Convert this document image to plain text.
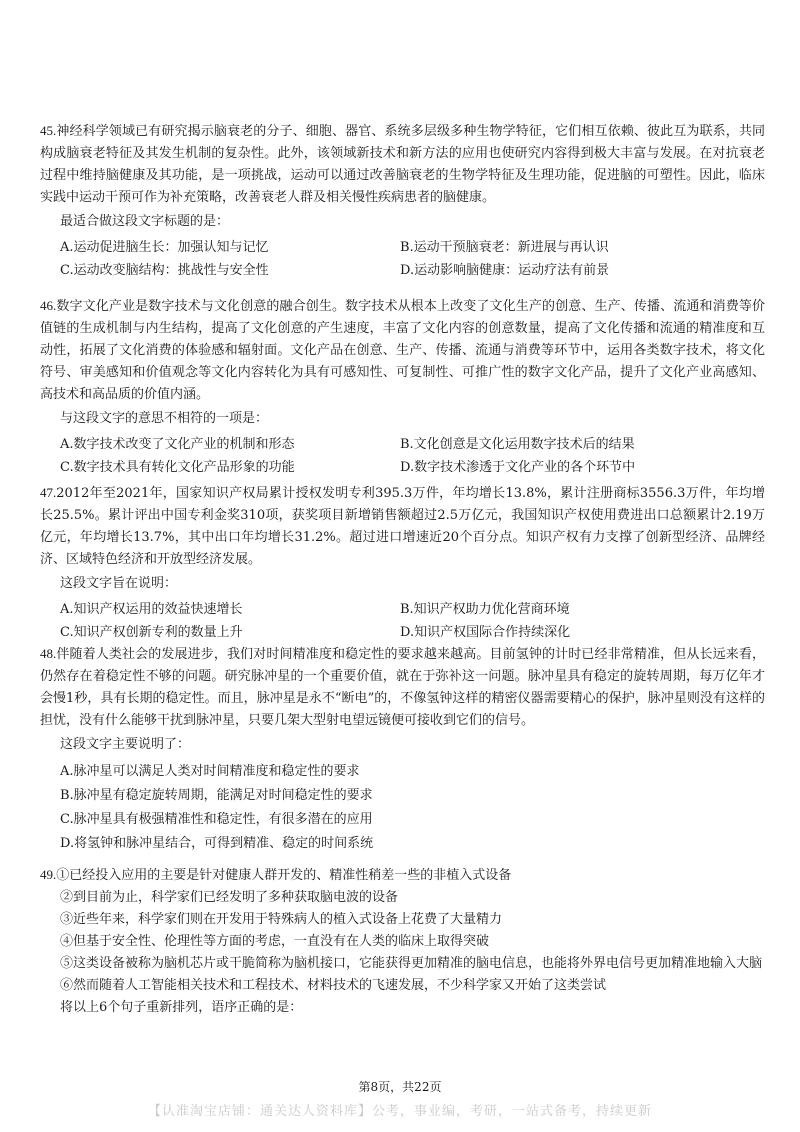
45.神经科学领域已有研究揭示脑衰老的分子、细胞、器官、系统多层级多种生物学特征，它们相互依赖、彼此互为联系，共同构成脑衰老特征及其发生机制的复杂性。此外，该领域新技术和新方法的应用也使研究内容得到极大丰富与发展。在对抗衰老过程中维持脑健康及其功能，是一项挑战，运动可以通过改善脑衰老的生物学特征及生理功能，促进脑的可塑性。因此，临床实践中运动干预可作为补充策略，改善衰老人群及相关慢性疾病患者的脑健康。

最适合做这段文字标题的是：
A.运动促进脑生长：加强认知与记忆	B.运动干预脑衰老：新进展与再认识
C.运动改变脑结构：挑战性与安全性	D.运动影响脑健康：运动疗法有前景

46.数字文化产业是数字技术与文化创意的融合创生。数字技术从根本上改变了文化生产的创意、生产、传播、流通和消费等价值链的生成机制与内生结构，提高了文化创意的产生速度，丰富了文化内容的创意数量，提高了文化传播和流通的精准度和互动性，拓展了文化消费的体验感和辐射面。文化产品在创意、生产、传播、流通与消费等环节中，运用各类数字技术，将文化符号、审美感知和价值观念等文化内容转化为具有可感知性、可复制性、可推广性的数字文化产品，提升了文化产业高感知、高技术和高品质的价值内涵。

与这段文字的意思不相符的一项是：
A.数字技术改变了文化产业的机制和形态	B.文化创意是文化运用数字技术后的结果
C.数字技术具有转化文化产品形象的功能	D.数字技术渗透于文化产业的各个环节中

47.2012年至2021年，国家知识产权局累计授权发明专利395.3万件，年均增长13.8%，累计注册商标3556.3万件，年均增长25.5%。累计评出中国专利金奖310项，获奖项目新增销售额超过2.5万亿元，我国知识产权使用费进出口总额累计2.19万亿元，年均增长13.7%，其中出口年均增长31.2%。超过进口增速近20个百分点。知识产权有力支撑了创新型经济、品牌经济、区域特色经济和开放型经济发展。

这段文字旨在说明：
A.知识产权运用的效益快速增长	B.知识产权助力优化营商环境
C.知识产权创新专利的数量上升	D.知识产权国际合作持续深化

48.伴随着人类社会的发展进步，我们对时间精准度和稳定性的要求越来越高。目前氢钟的计时已经非常精准，但从长远来看，仍然存在着稳定性不够的问题。研究脉冲星的一个重要价值，就在于弥补这一问题。脉冲星具有稳定的旋转周期，每万亿年才会慢1秒，具有长期的稳定性。而且，脉冲星是永不“断电”的，不像氢钟这样的精密仪器需要精心的保护，脉冲星则没有这样的担忧，没有什么能够干扰到脉冲星，只要几架大型射电望远镜便可接收到它们的信号。

这段文字主要说明了：
A.脉冲星可以满足人类对时间精准度和稳定性的要求
B.脉冲星有稳定旋转周期，能满足对时间稳定性的要求
C.脉冲星具有极强精准性和稳定性，有很多潜在的应用
D.将氢钟和脉冲星结合，可得到精准、稳定的时间系统
49.①已经投入应用的主要是针对健康人群开发的、精准性稍差一些的非植入式设备
②到目前为止，科学家们已经发明了多种获取脑电波的设备
③近些年来，科学家们则在开发用于特殊病人的植入式设备上花费了大量精力
④但基于安全性、伦理性等方面的考虑，一直没有在人类的临床上取得突破
⑤这类设备被称为脑机芯片或干脆简称为脑机接口，它能获得更加精准的脑电信息，也能将外界电信号更加精准地输入大脑
⑥然而随着人工智能相关技术和工程技术、材料技术的飞速发展，不少科学家又开始了这类尝试
将以上6个句子重新排列，语序正确的是：
第8页，共22页
【认准淘宝店铺：通关达人资料库】公考，事业编，考研，一站式备考，持续更新
